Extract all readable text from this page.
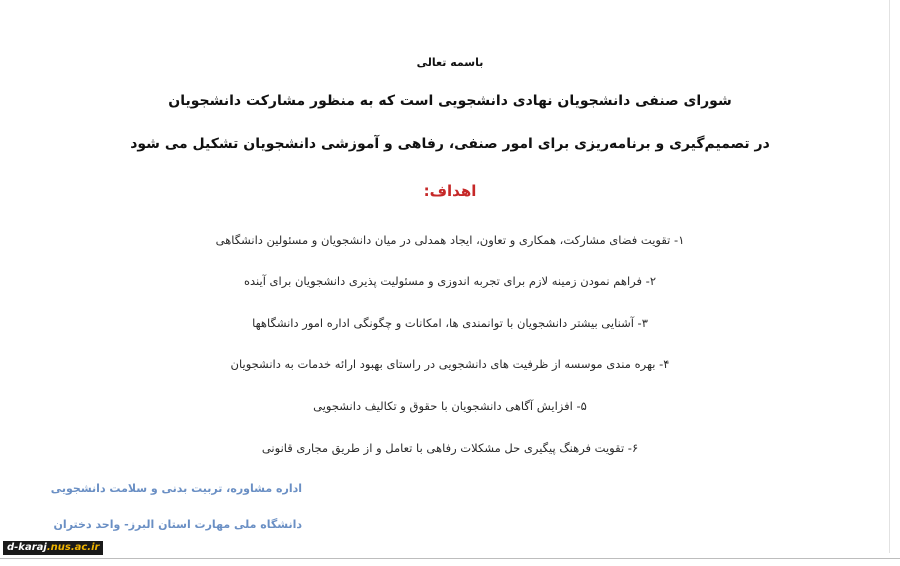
باسمه تعالی
شورای صنفی دانشجویان نهادی دانشجویی است که به منظور مشارکت دانشجویان
در تصمیم‌گیری و برنامه‌ریزی برای امور صنفی، رفاهی و آموزشی دانشجویان تشکیل می شود
اهداف:
۱- تقویت فضای مشارکت، همکاری و تعاون، ایجاد همدلی در میان دانشجویان و مسئولین دانشگاهی
۲- فراهم نمودن زمینه لازم برای تجربه اندوزی و مسئولیت پذیری دانشجویان برای آینده
۳- آشنایی بیشتر دانشجویان با توانمندی ها، امکانات و چگونگی اداره امور دانشگاهها
۴- بهره مندی موسسه از ظرفیت های دانشجویی در راستای بهبود ارائه خدمات به دانشجویان
۵- افزایش آگاهی دانشجویان با حقوق و تکالیف دانشجویی
۶- تقویت فرهنگ پیگیری حل مشکلات رفاهی با تعامل و از طریق مجاری قانونی
اداره مشاوره، تربیت بدنی و سلامت دانشجویی
دانشگاه ملی مهارت استان البرز- واحد دختران
d-karaj.nus.ac.ir
